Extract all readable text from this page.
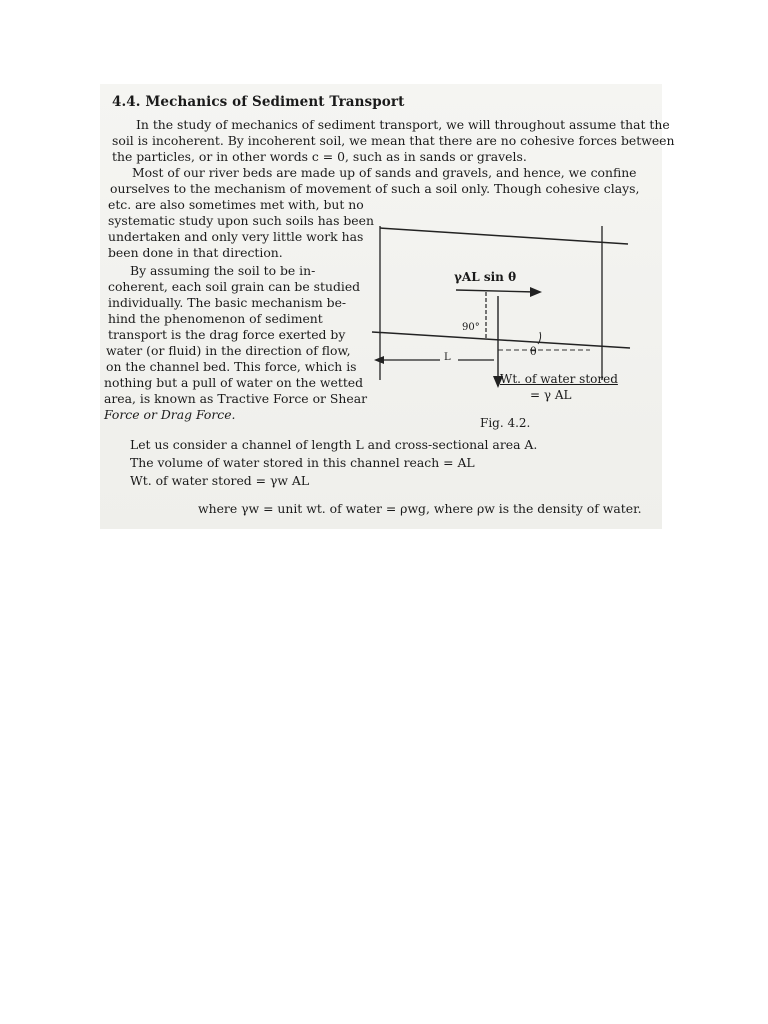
4.4. Mechanics of Sediment Transport
In the study of mechanics of sediment transport, we will throughout assume that the
soil is incoherent. By incoherent soil, we mean that there are no cohesive forces between
the particles, or in other words c = 0, such as in sands or gravels.
Most of our river beds are made up of sands and gravels, and hence, we confine
ourselves to the mechanism of movement of such a soil only. Though cohesive clays,
etc. are also sometimes met with, but no
systematic study upon such soils has been
undertaken and only very little work has
been done in that direction.
By assuming the soil to be in-
coherent, each soil grain can be studied
individually. The basic mechanism be-
hind the phenomenon of sediment
transport is the drag force exerted by
water (or fluid) in the direction of flow,
on the channel bed. This force, which is
nothing but a pull of water on the wetted
area, is known as Tractive Force or Shear
Force or Drag Force.
γAL sin θ
90°
θ
L
Wt. of water stored
= γ AL
Fig. 4.2.
Let us consider a channel of length L and cross-sectional area A.
The volume of water stored in this channel reach = AL
Wt. of water stored = γw AL
where γw = unit wt. of water = ρwg, where ρw is the density of water.
